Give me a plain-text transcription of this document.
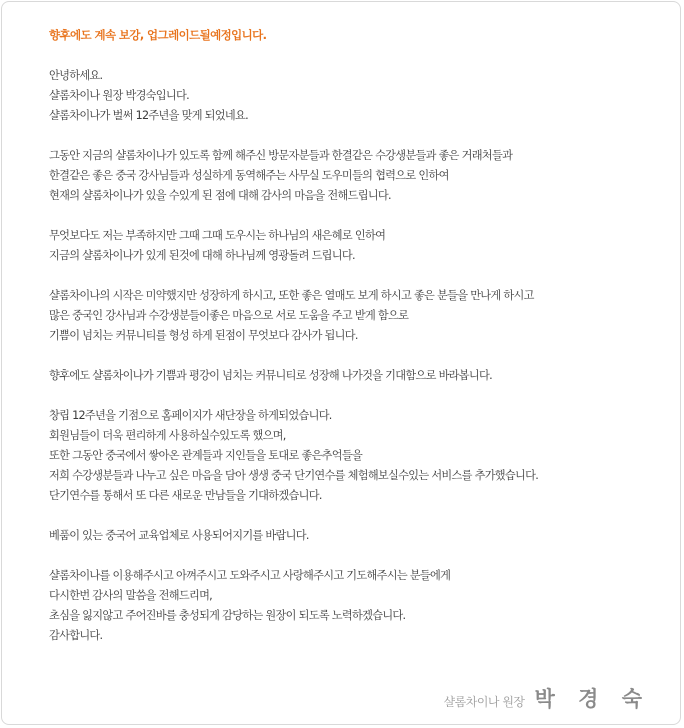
향후에도 계속 보강, 업그레이드될예정입니다.
안녕하세요.
샬롬차이나 원장 박경숙입니다.
샬롬차이나가 벌써 12주년을 맞게 되었네요.
그동안 지금의 샬롬차이나가 있도록 함께 해주신 방문자분들과 한결같은 수강생분들과 좋은 거래처들과
한결같은 좋은 중국 강사님들과 성실하게 동역해주는 사무실 도우미들의 협력으로 인하여
현재의 샬롬차이나가 있을 수있게 된 점에 대해 감사의 마음을 전해드립니다.
무엇보다도 저는 부족하지만 그때 그때 도우시는 하나님의 새은혜로 인하여
지금의 샬롬차이나가 있게 된것에 대해 하나님께 영광돌려 드립니다.
샬롬차이나의 시작은 미약했지만 성장하게 하시고, 또한 좋은 열매도 보게 하시고 좋은 분들을 만나게 하시고
많은 중국인 강사님과 수강생분들이좋은 마음으로 서로 도움을 주고 받게 함으로
기쁨이 넘치는 커뮤니티를 형성 하게 된점이 무엇보다 감사가 됩니다.
향후에도 샬롬차이나가 기쁨과 평강이 넘치는 커뮤니티로 성장해 나가것을 기대함으로 바라봅니다.
창립 12주년을 기점으로 홈페이지가 새단장을 하게되었습니다.
회원님들이 더욱 편리하게 사용하실수있도록 했으며,
또한 그동안 중국에서 쌓아온 관계들과 지인들을 토대로 좋은추억들을
저희 수강생분들과 나누고 싶은 마음을 담아 생생 중국 단기연수를 체험해보실수있는 서비스를 추가했습니다.
단기연수를 통해서 또 다른 새로운 만남들을 기대하겠습니다.
베품이 있는 중국어 교육업체로 사용되어지기를 바랍니다.
샬롬차이나를 이용해주시고 아껴주시고 도와주시고 사랑해주시고 기도해주시는 분들에게
다시한번 감사의 말씀을 전해드리며,
초심을 잃지않고 주어진바를 충성되게 감당하는 원장이 되도록 노력하겠습니다.
감사합니다.
샬롬차이나 원장 박 경 숙
